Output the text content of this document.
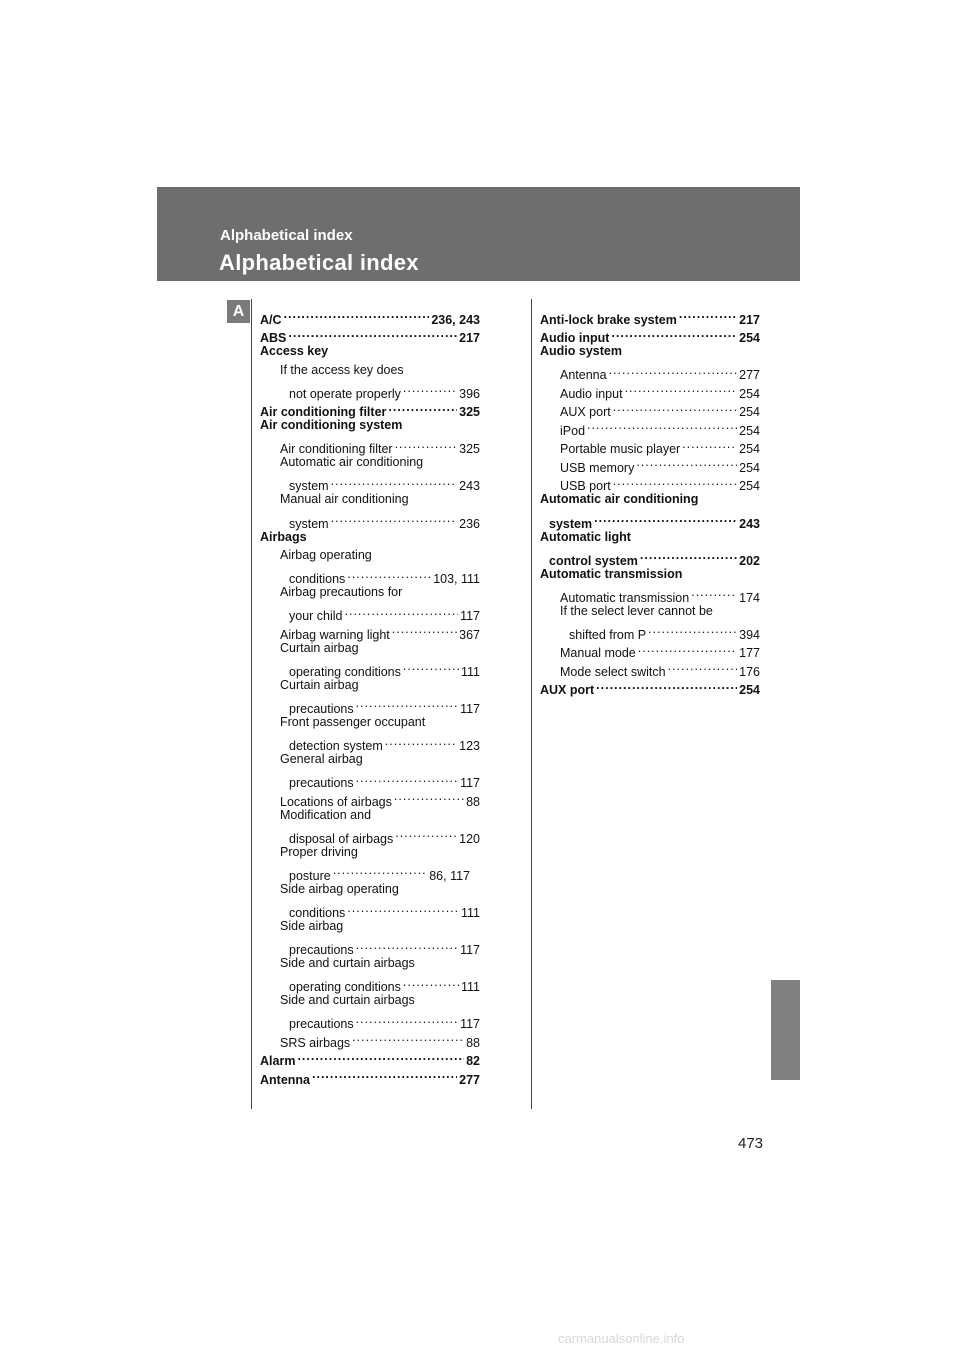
Alphabetical index
Alphabetical index
A	A/C .....	236, 243
ABS .....	217
Access key
If the access key does
not operate properly .....	396
Air conditioning filter .....	325
Air conditioning system
Air conditioning filter .....	325
Automatic air conditioning
system .....	243
Manual air conditioning
system .....	236
Airbags
Airbag operating
conditions .....	103, 111
Airbag precautions for
your child .....	117
Airbag warning light .....	367
Curtain airbag
operating conditions .....	111
Curtain airbag
precautions .....	117
Front passenger occupant
detection system .....	123
General airbag
precautions .....	117
Locations of airbags .....	88
Modification and
disposal of airbags .....	120
Proper driving
posture .....	86, 117
Side airbag operating
conditions .....	111
Side airbag
precautions .....	117
Side and curtain airbags
operating conditions .....	111
Side and curtain airbags
precautions .....	117
SRS airbags .....	88
Alarm .....	82
Antenna .....	277
Anti-lock brake system .....	217
Audio input .....	254
Audio system
Antenna .....	277
Audio input .....	254
AUX port .....	254
iPod .....	254
Portable music player .....	254
USB memory .....	254
USB port .....	254
Automatic air conditioning
system .....	243
Automatic light
control system .....	202
Automatic transmission
Automatic transmission .....	174
If the select lever cannot be
shifted from P .....	394
Manual mode .....	177
Mode select switch .....	176
AUX port .....	254
473
carmanualsonline.info
